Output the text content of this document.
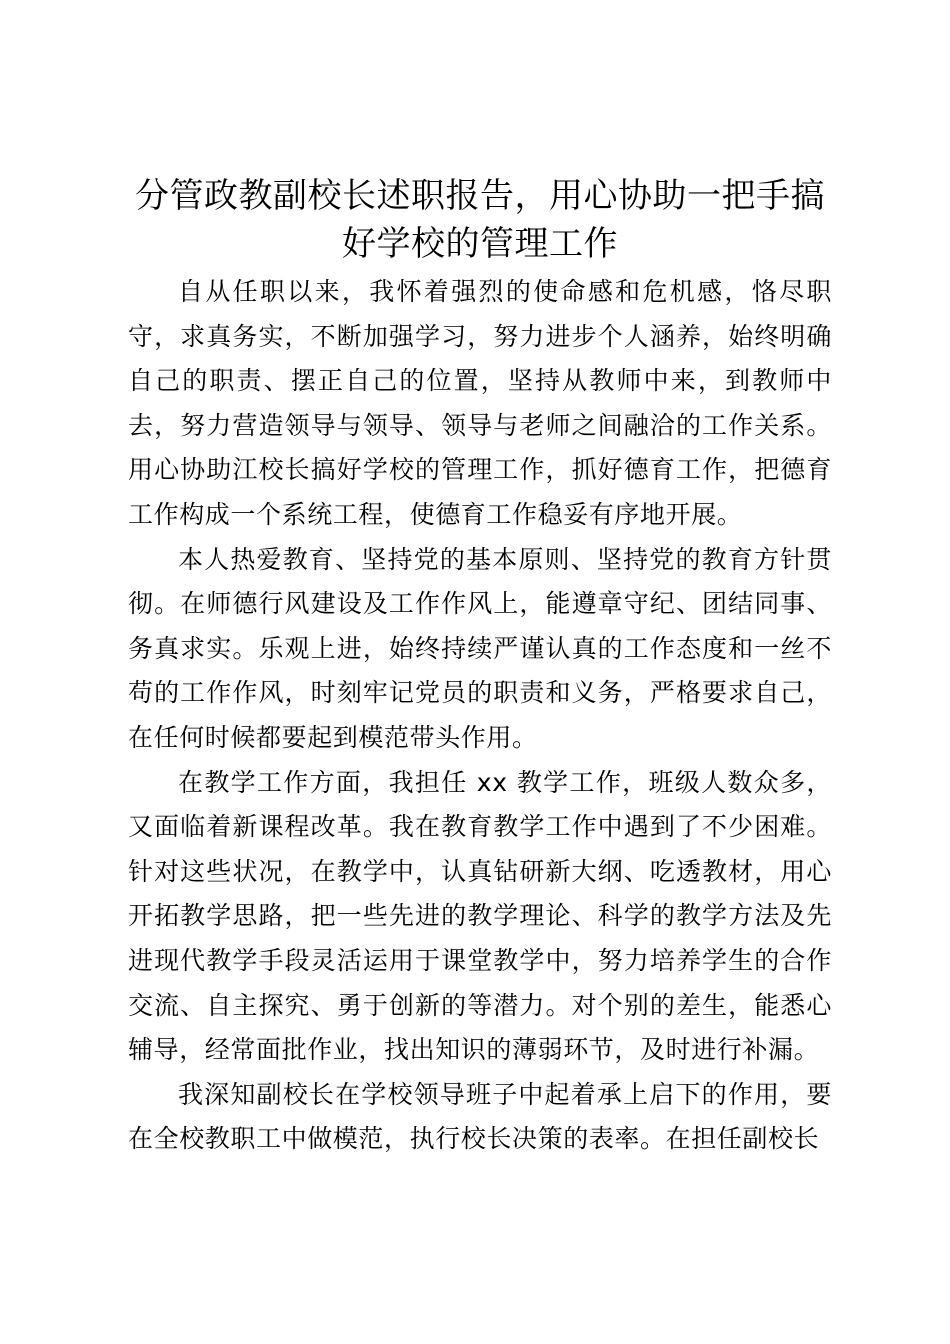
分管政教副校长述职报告，用心协助一把手搞
好学校的管理工作

自从任职以来，我怀着强烈的使命感和危机感，恪尽职守，求真务实，不断加强学习，努力进步个人涵养，始终明确自己的职责、摆正自己的位置，坚持从教师中来，到教师中去，努力营造领导与领导、领导与老师之间融洽的工作关系。用心协助江校长搞好学校的管理工作，抓好德育工作，把德育工作构成一个系统工程，使德育工作稳妥有序地开展。

本人热爱教育、坚持党的基本原则、坚持党的教育方针贯彻。在师德行风建设及工作作风上，能遵章守纪、团结同事、务真求实。乐观上进，始终持续严谨认真的工作态度和一丝不苟的工作作风，时刻牢记党员的职责和义务，严格要求自己，在任何时候都要起到模范带头作用。

在教学工作方面，我担任 xx 教学工作，班级人数众多，又面临着新课程改革。我在教育教学工作中遇到了不少困难。针对这些状况，在教学中，认真钻研新大纲、吃透教材，用心开拓教学思路，把一些先进的教学理论、科学的教学方法及先进现代教学手段灵活运用于课堂教学中，努力培养学生的合作交流、自主探究、勇于创新的等潜力。对个别的差生，能悉心辅导，经常面批作业，找出知识的薄弱环节，及时进行补漏。

我深知副校长在学校领导班子中起着承上启下的作用，要在全校教职工中做模范，执行校长决策的表率。在担任副校长
